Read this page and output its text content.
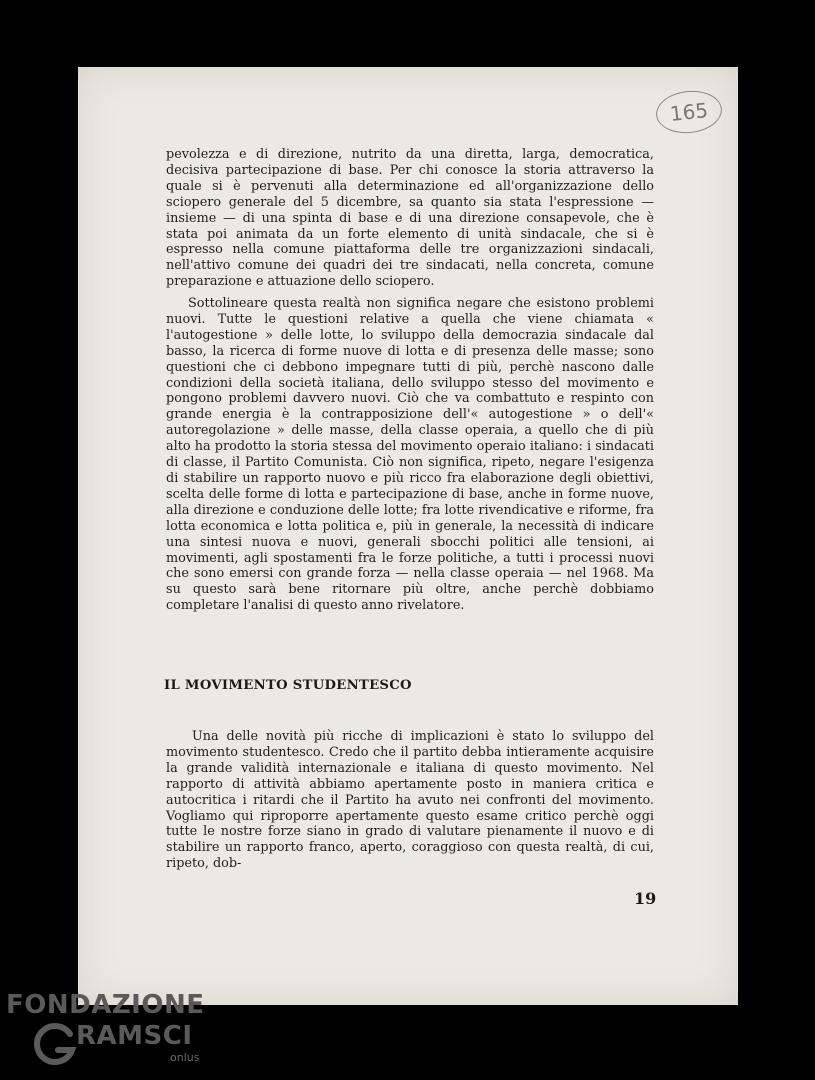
165

pevolezza e di direzione, nutrito da una diretta, larga, democratica, decisiva partecipazione di base. Per chi conosce la storia attraverso la quale si è pervenuti alla determinazione ed all'organizzazione dello sciopero generale del 5 dicembre, sa quanto sia stata l'espressione — insieme — di una spinta di base e di una direzione consapevole, che è stata poi animata da un forte elemento di unità sindacale, che si è espresso nella comune piattaforma delle tre organizzazioni sindacali, nell'attivo comune dei quadri dei tre sindacati, nella concreta, comune preparazione e attuazione dello sciopero.

Sottolineare questa realtà non significa negare che esistono problemi nuovi. Tutte le questioni relative a quella che viene chiamata « l'autogestione » delle lotte, lo sviluppo della democrazia sindacale dal basso, la ricerca di forme nuove di lotta e di presenza delle masse; sono questioni che ci debbono impegnare tutti di più, perchè nascono dalle condizioni della società italiana, dello sviluppo stesso del movimento e pongono problemi davvero nuovi. Ciò che va combattuto e respinto con grande energia è la contrapposizione dell'« autogestione » o dell'« autoregolazione » delle masse, della classe operaia, a quello che di più alto ha prodotto la storia stessa del movimento operaio italiano: i sindacati di classe, il Partito Comunista. Ciò non significa, ripeto, negare l'esigenza di stabilire un rapporto nuovo e più ricco fra elaborazione degli obiettivi, scelta delle forme di lotta e partecipazione di base, anche in forme nuove, alla direzione e conduzione delle lotte; fra lotte rivendicative e riforme, fra lotta economica e lotta politica e, più in generale, la necessità di indicare una sintesi nuova e nuovi, generali sbocchi politici alle tensioni, ai movimenti, agli spostamenti fra le forze politiche, a tutti i processi nuovi che sono emersi con grande forza — nella classe operaia — nel 1968. Ma su questo sarà bene ritornare più oltre, anche perchè dobbiamo completare l'analisi di questo anno rivelatore.

IL MOVIMENTO STUDENTESCO

Una delle novità più ricche di implicazioni è stato lo sviluppo del movimento studentesco. Credo che il partito debba intieramente acquisire la grande validità internazionale e italiana di questo movimento. Nel rapporto di attività abbiamo apertamente posto in maniera critica e autocritica i ritardi che il Partito ha avuto nei confronti del movimento. Vogliamo qui riproporre apertamente questo esame critico perchè oggi tutte le nostre forze siano in grado di valutare pienamente il nuovo e di stabilire un rapporto franco, aperto, coraggioso con questa realtà, di cui, ripeto, dob-

19
FONDAZIONE
RAMSCI
onlus
